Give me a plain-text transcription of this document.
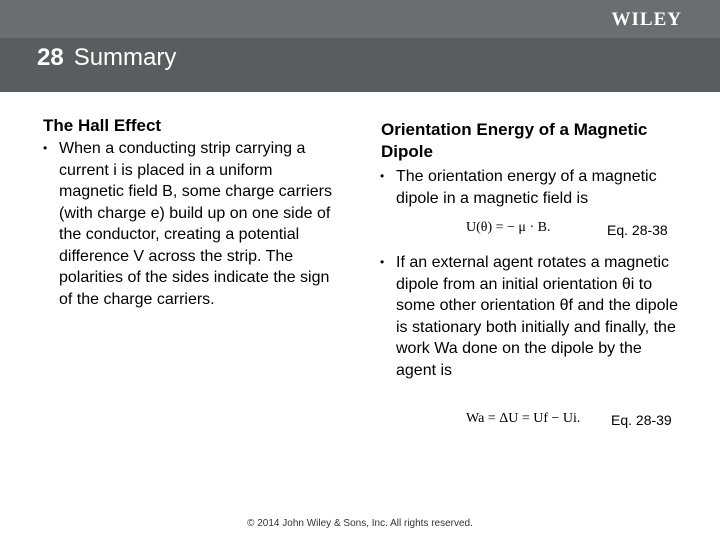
WILEY
28 Summary
The Hall Effect
• When a conducting strip carrying a current i is placed in a uniform magnetic field B, some charge carriers (with charge e) build up on one side of the conductor, creating a potential difference V across the strip. The polarities of the sides indicate the sign of the charge carriers.
Orientation Energy of a Magnetic Dipole
• The orientation energy of a magnetic dipole in a magnetic field is
U(θ) = − μ · B.	Eq. 28-38
• If an external agent rotates a magnetic dipole from an initial orientation θi to some other orientation θf and the dipole is stationary both initially and finally, the work Wa done on the dipole by the agent is
Wa = ΔU = Uf − Ui. Eq. 28-39
© 2014 John Wiley & Sons, Inc. All rights reserved.
